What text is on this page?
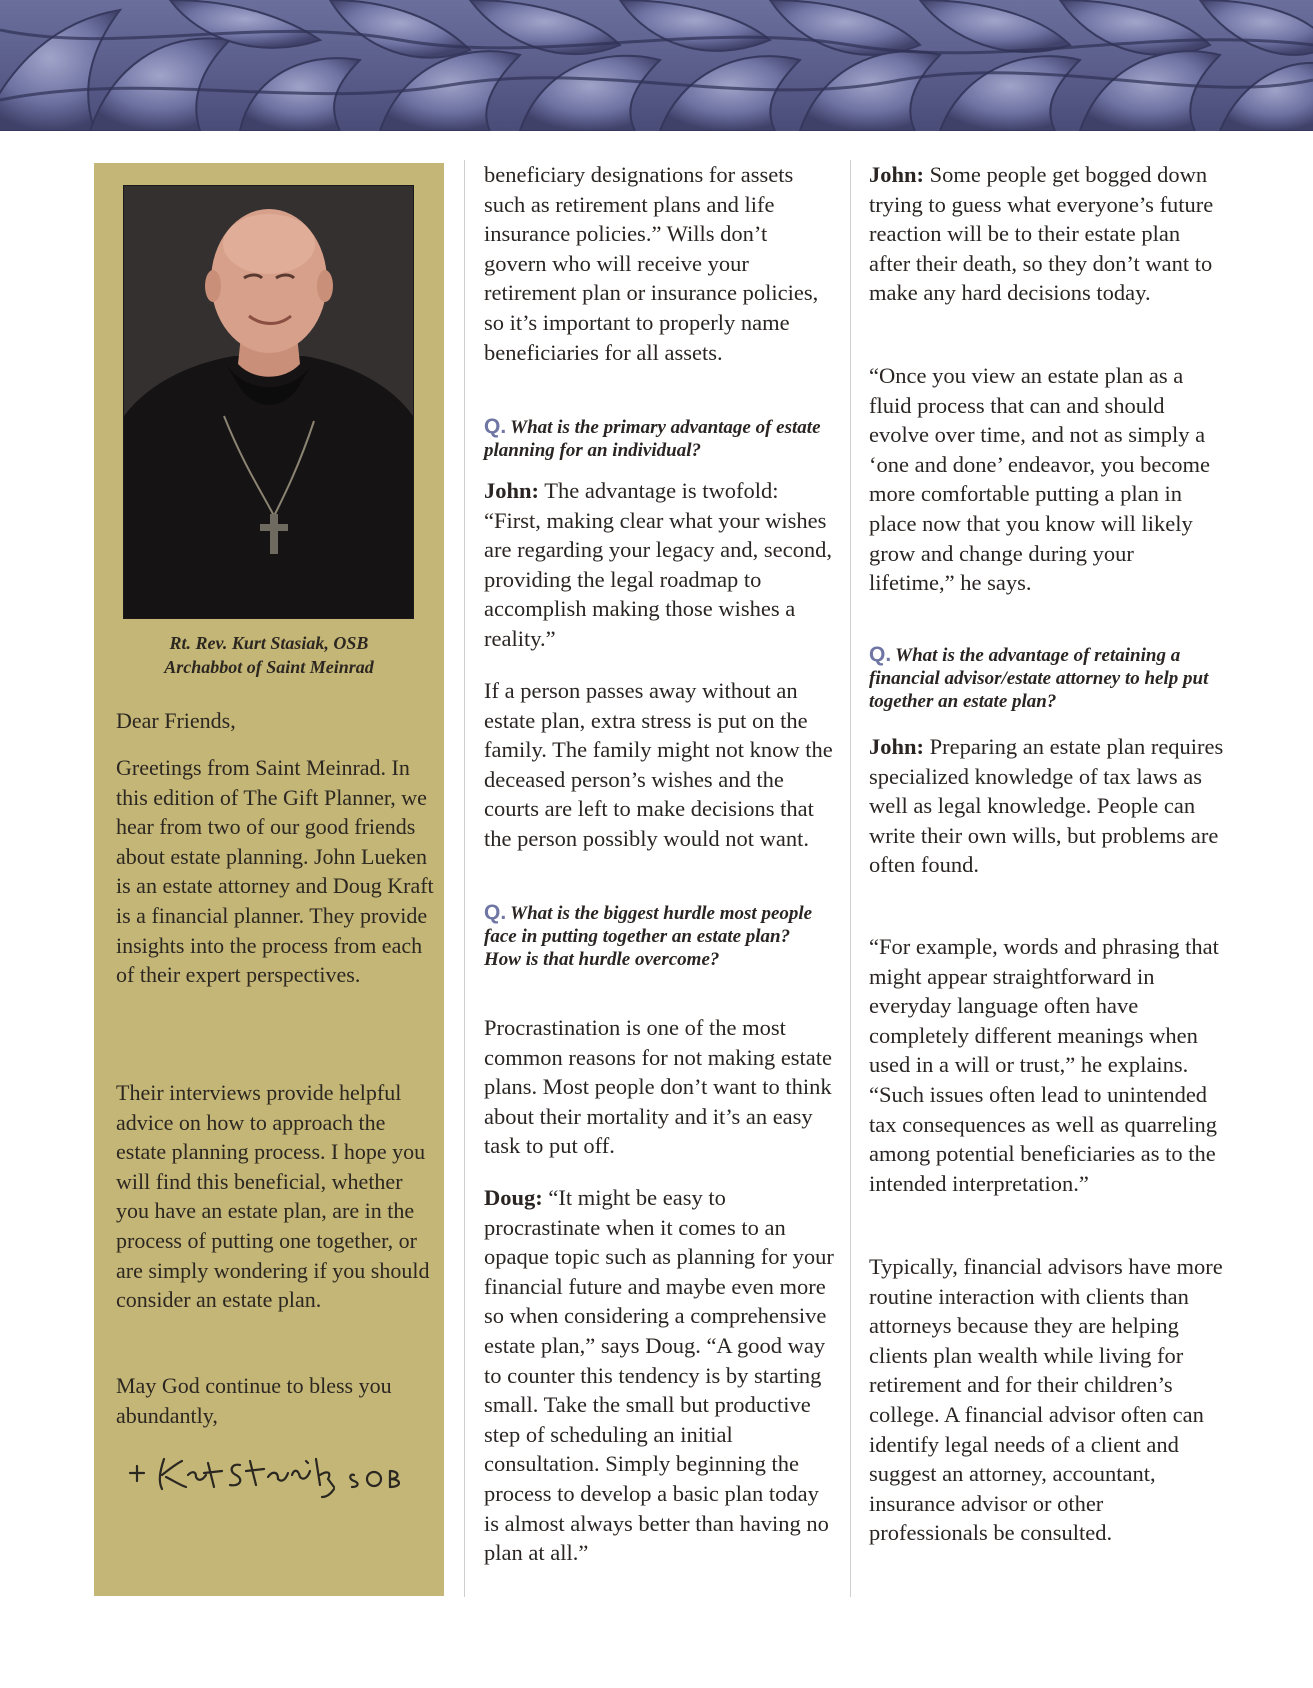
Rt. Rev. Kurt Stasiak, OSB
Archabbot of Saint Meinrad

Dear Friends,

Greetings from Saint Meinrad. In this edition of The Gift Planner, we hear from two of our good friends about estate planning. John Lueken is an estate attorney and Doug Kraft is a financial planner. They provide insights into the process from each of their expert perspectives.

Their interviews provide helpful advice on how to approach the estate planning process. I hope you will find this beneficial, whether you have an estate plan, are in the process of putting one together, or are simply wondering if you should consider an estate plan.

May God continue to bless you abundantly,

beneficiary designations for assets such as retirement plans and life insurance policies.” Wills don’t govern who will receive your retirement plan or insurance policies, so it’s important to properly name beneficiaries for all assets.

Q. What is the primary advantage of estate planning for an individual?

John: The advantage is twofold: “First, making clear what your wishes are regarding your legacy and, second, providing the legal roadmap to accomplish making those wishes a reality.”

If a person passes away without an estate plan, extra stress is put on the family. The family might not know the deceased person’s wishes and the courts are left to make decisions that the person possibly would not want.

Q. What is the biggest hurdle most people face in putting together an estate plan? How is that hurdle overcome?

Procrastination is one of the most common reasons for not making estate plans. Most people don’t want to think about their mortality and it’s an easy task to put off.

Doug: “It might be easy to procrastinate when it comes to an opaque topic such as planning for your financial future and maybe even more so when considering a comprehensive estate plan,” says Doug. “A good way to counter this tendency is by starting small. Take the small but productive step of scheduling an initial consultation. Simply beginning the process to develop a basic plan today is almost always better than having no plan at all.”

John: Some people get bogged down trying to guess what everyone’s future reaction will be to their estate plan after their death, so they don’t want to make any hard decisions today.

“Once you view an estate plan as a fluid process that can and should evolve over time, and not as simply a ‘one and done’ endeavor, you become more comfortable putting a plan in place now that you know will likely grow and change during your lifetime,” he says.

Q. What is the advantage of retaining a financial advisor/estate attorney to help put together an estate plan?

John: Preparing an estate plan requires specialized knowledge of tax laws as well as legal knowledge. People can write their own wills, but problems are often found.

“For example, words and phrasing that might appear straightforward in everyday language often have completely different meanings when used in a will or trust,” he explains. “Such issues often lead to unintended tax consequences as well as quarreling among potential beneficiaries as to the intended interpretation.”

Typically, financial advisors have more routine interaction with clients than attorneys because they are helping clients plan wealth while living for retirement and for their children’s college. A financial advisor often can identify legal needs of a client and suggest an attorney, accountant, insurance advisor or other professionals be consulted.
